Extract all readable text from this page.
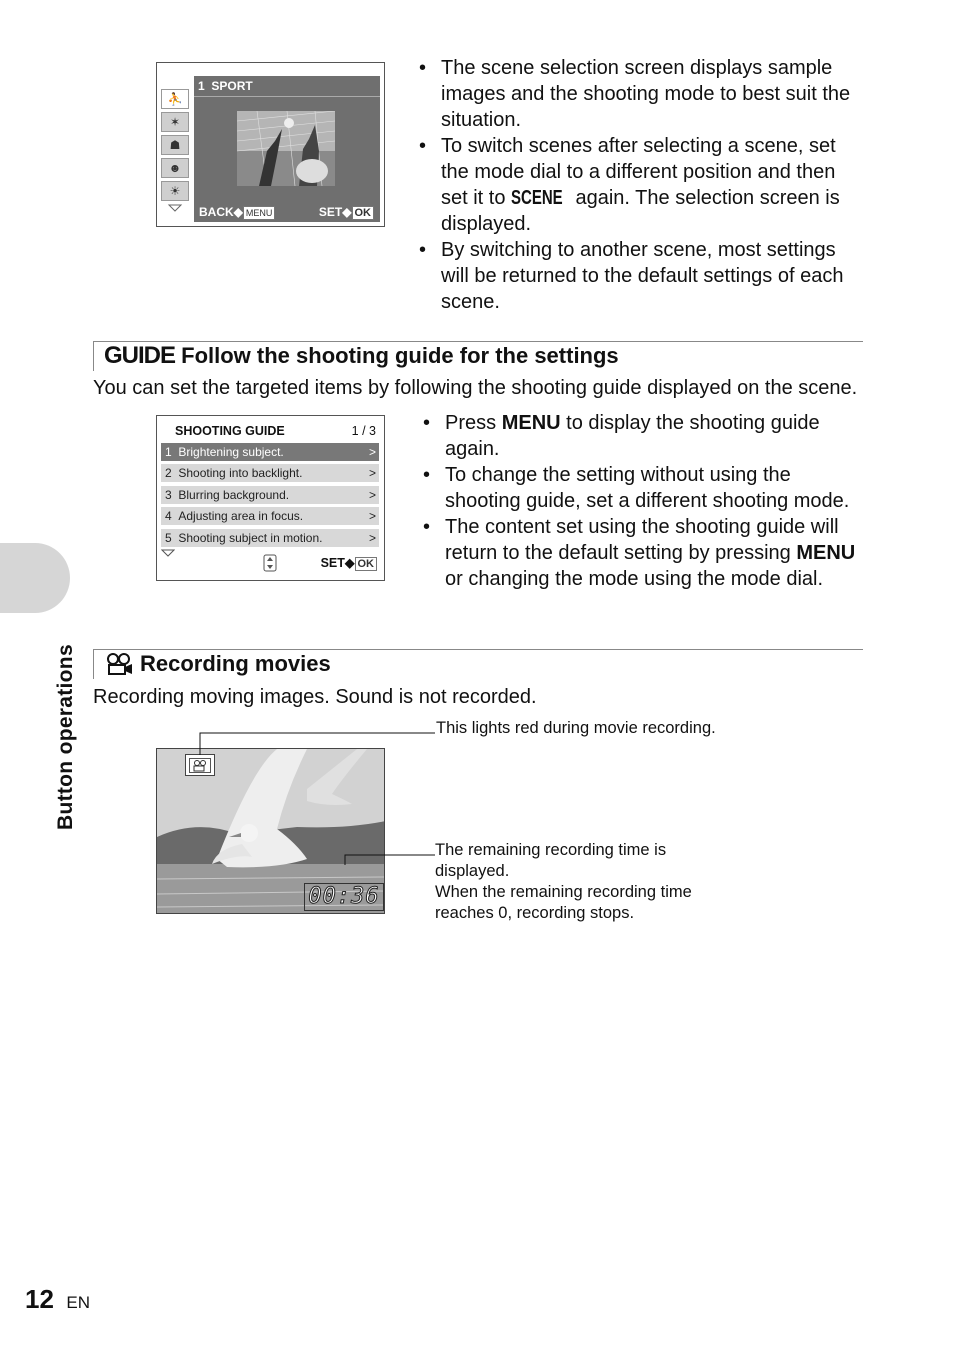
Button operations
⛹
✶
☗
☻
☀
1 SPORT
BACK◆ MENU	SET◆ OK
• The scene selection screen displays sample images and the shooting mode to best suit the situation.
• To switch scenes after selecting a scene, set the mode dial to a different position and then set it to SCENE again. The selection screen is displayed.
• By switching to another scene, most settings will be returned to the default settings of each scene.
GUIDE Follow the shooting guide for the settings
You can set the targeted items by following the shooting guide displayed on the scene.
SHOOTING GUIDE	1 / 3
1 Brightening subject.	>
2 Shooting into backlight.	>
3 Blurring background.	>
4 Adjusting area in focus.	>
5 Shooting subject in motion.	>
SET◆ OK
• Press MENU to display the shooting guide again.
• To change the setting without using the shooting guide, set a different shooting mode.
• The content set using the shooting guide will return to the default setting by pressing MENU or changing the mode using the mode dial.
Recording movies
Recording moving images. Sound is not recorded.
00:36
This lights red during movie recording.
The remaining recording time is
displayed.
When the remaining recording time
reaches 0, recording stops.
12 EN
